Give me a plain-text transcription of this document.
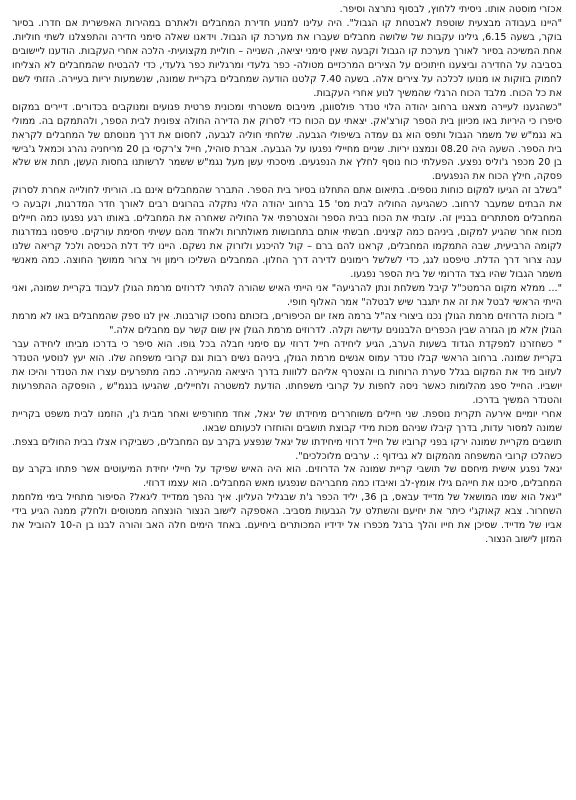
אכזרי מוסטה אותו. ניסיתי ללחוץ, לבסוף נתרצה וסיפר.

"היינו בעבודה מבצעית שוטפת לאבטחת קו הגבול". היה עלינו למנוע חדירת המחבלים ולאתרם במהירות האפשרית אם חדרו. בסיור בוקר, בשעה 6.15, גילינו עקבות של שלושה מחבלים שעברו את מערכת קו הגבול. וידאנו שאלה סימני חדירה והתפצלנו לשתי חוליות. אחת המשיכה בסיור לאורך מערכת קו הגבול וקבעה שאין סימני יציאה, השנייה – חוליית מקצועית- הלכה אחרי העקבות. הודענו ליישובים בסביבה על החדירה וביצענו חיתוכים על הצירים המרכזיים מטולה- כפר גלעדי ומרגליות כפר גלעדי, כדי להבטיח שהמחבלים לא הצליחו לחמוק בזוקות או מנועו לכלכה על צירים אלה. בשעה 7.40 קלטנו הודעה שמחבלים בקריית שמונה, שנשמעות יריות בעיירה. הזזתי לשם את כל הכוח. מלבד הכוח הרגלי שהמשיך לנוע אחרי העקבות.

"כשהגענו לעיירה מצאנו ברחוב יהודה הלוי טנדר פולסווגן, מיניבוס משטרתי ומכונית פרטית פגועים ומנוקבים בכדורים. דיירים במקום סיפרו כי היריות באו מכיוון בית הספר קורצ'אק. יצאתי עם הכוח כדי לסרוק את הדירה החולה צפונית לבית הספר, ולהתמקם בה. ממולי בא נגמ"ש של משמר הגבול ותפס הוא גם עמדה בשיפולי הגבעה. שלחתי חוליה לגבעה, לחסום את דרך מנוסתם של המחבלים לקראת בית הספר. השעה היה 08.20 ונמצנו יריות. שניים מחיילי נפגעו על הגבעה. אברת סוהיל, חייל צ'רקסי בן 20 מריחניה נהרג וכמאל ג'בישי בן 20 מכפר ג'וליס נפצע. הפעלתי כוח נוסף לחלץ את הנפגעים. מיסכתי עשן מעל נגמ"ש ששמר לרשותנו בחסות העשן, תחת אש שלא פסקה, חילץ הכוח את הנפגעים.

"בשלב זה הגיעו למקום כוחות נוספים. בתיאום אתם התחלנו בסיור בית הספר. התברר שהמחבלים אינם בו. הוריתי לחולייה אחרת לסרוק את הבתים שמעבר לרחוב. כשהגיעה החוליה לבית מס' 15 ברחוב יהודה הלוי נתקלה בהרוגים רבים לאורך חדר המדרגות, וקבעה כי המחבלים מסתתרים בבניין זה. עזבתי את הכוח בבית הספר והצטרפתי אל החוליה שאחרה את המחבלים. באותו רגע נפגעו כמה חיילים מכוח אחר שהגיע למקום, ביניהם כמה קצינים. חבשתי אותם בתחבושות מאולתרות ולאחד מהם עשיתי חסימת עורקים. טיפסנו במדרגות לקומה הרביעית, שבה התמקמו המחבלים, קראנו להם ברם – קול להיכנע ולזרוק את נשקם. היינו ליד דלת הכניסה ולכל קריאה שלנו ענה צרור דרך הדלת. טיפסנו לגג, כדי לשלשל רימונים לדירה דרך החלון. המחבלים השליכו רימון ויר צרור ממושך החוצה. כמה מאנשי משמר הגבול שהיו בצד הדרומי של בית הספר נפגעו.

"... ממלא מקום הרמטכ"ל קיבל משלחת ונתן להרגיעה" אני הייתי האיש שהורה להתיר לדרוזים מרמת הגולן לעבוד בקריית שמונה, ואני הייתי הראשי לבטל את זה את יתגבר שיש לבטלה" אמר האלוף חופי.

" בזכות הדרוזים מרמת הגולן נכנו ביצורי צה"ל ברמה מאז יום הכיפורים, בזכותם נחסכו קורבנות. אין לנו ספק שהמחבלים באו לא מרמת הגולן אלא מן הגזרה שבין הכפרים הלבנונים עדישה וקלה. לדרוזים מרמת הגולן אין שום קשר עם מחבלים אלה."

" כשחזרנו למפקדת הגדוד בשעות הערב, הגיע ליחידה חייל דרוזי עם סימני חבלה בכל גופו. הוא סיפר כי בדרכו מביתו ליחידה עבר בקריית שמונה. ברחוב הראשי קבלו טנדר עמוס אנשים מרמת הגולן, ביניהם נשים רבות וגם קרובי משפחה שלו. הוא יעץ לנוסעי הטנדר לעזוב מיד את המקום בגלל סערת הרוחות בו והצטרף אליהם ללווות בדרך היציאה מהעיירה. כמה מתפרעים עצרו את הטנדר והיכו את יושביו. החייל ספג מהלומות כאשר ניסה לחפות על קרובי משפחתו. הודעת למשטרה ולחיילים, שהגיעו בנגמ"ש , הופסקה ההתפרעות והטנדר המשיך בדרכו.

אחרי יומיים אירעה תקרית נוספת. שני חיילים משוחררים מיחידתו של יגאל, אחד מחורפיש ואחר מבית ג'ן, הוזמנו לבית משפט בקריית שמונה למסור עדות, בדרך קיבלו שניהם מכות מידי קבוצת תושבים והוחזרו לכעותם שבאו.

תושבים מקריית שמונה ירקו בפני קרוביו של חייל דרוזי מיחידתו של יגאל שנפצע בקרב עם המחבלים, כשביקרו אצלו בבית החולים בצפת. כשהלכו קרובי המשפחה מהמקום לא גבידוף :. ערבים מלוכלכים".

יגאל נפגע אישית מיחסם של תושבי קריית שמונה אל הדרוזים. הוא היה האיש שפיקד על חיילי יחידת המיעוטים אשר פתחו בקרב עם המחבלים, סיכנו את חייהם גילו אומץ-לב ואיבדו כמה מחבריהם שנפגעו מאש המחבלים. הוא עצמו דרוזי.

"יגאל הוא שמו המושאל של מדייד עבאס, בן 36, יליד הכפר ג'ת שבגליל העליון. איך נהפך ממדייד ליגאל? הסיפור מתחיל בימי מלחמת השחרור. צבא קאוקג'י כיתר את יחיעם והשתלט על הגבעות מסביב. האספקה לישוב הנצור הונצחה ממטוסים ולחלק ממנה הגיע בידי אביו של מדייד. שסיכן את חייו והלך ברגל מכפרו אל ידידיו המכותרים ביחיעם. באחד הימים חלה האב והורה לבנו בן ה-10 להוביל את המזון לישוב הנצור.
